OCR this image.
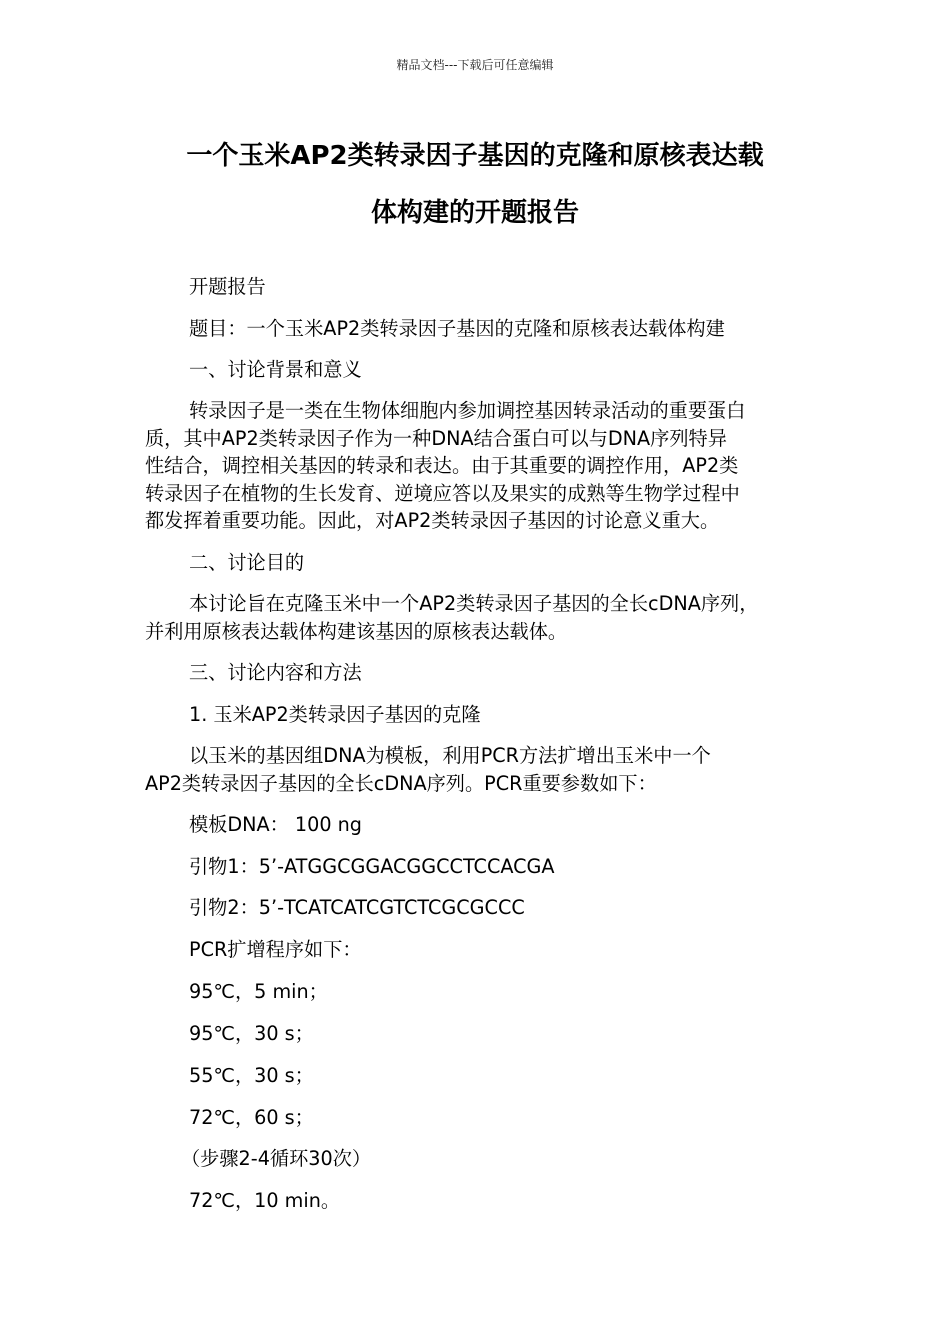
精品文档---下载后可任意编辑
一个玉米AP2类转录因子基因的克隆和原核表达载
体构建的开题报告

开题报告

题目：一个玉米AP2类转录因子基因的克隆和原核表达载体构建

一、讨论背景和意义

转录因子是一类在生物体细胞内参加调控基因转录活动的重要蛋白
质，其中AP2类转录因子作为一种DNA结合蛋白可以与DNA序列特异
性结合，调控相关基因的转录和表达。由于其重要的调控作用，AP2类
转录因子在植物的生长发育、逆境应答以及果实的成熟等生物学过程中
都发挥着重要功能。因此，对AP2类转录因子基因的讨论意义重大。

二、讨论目的

本讨论旨在克隆玉米中一个AP2类转录因子基因的全长cDNA序列，
并利用原核表达载体构建该基因的原核表达载体。

三、讨论内容和方法

1. 玉米AP2类转录因子基因的克隆

以玉米的基因组DNA为模板，利用PCR方法扩增出玉米中一个
AP2类转录因子基因的全长cDNA序列。PCR重要参数如下：

模板DNA： 100 ng

引物1：5’-ATGGCGGACGGCCTCCACGA

引物2：5’-TCATCATCGTCTCGCGCCC

PCR扩增程序如下：

95℃，5 min；

95℃，30 s；

55℃，30 s；

72℃，60 s；

（步骤2-4循环30次）

72℃，10 min。
